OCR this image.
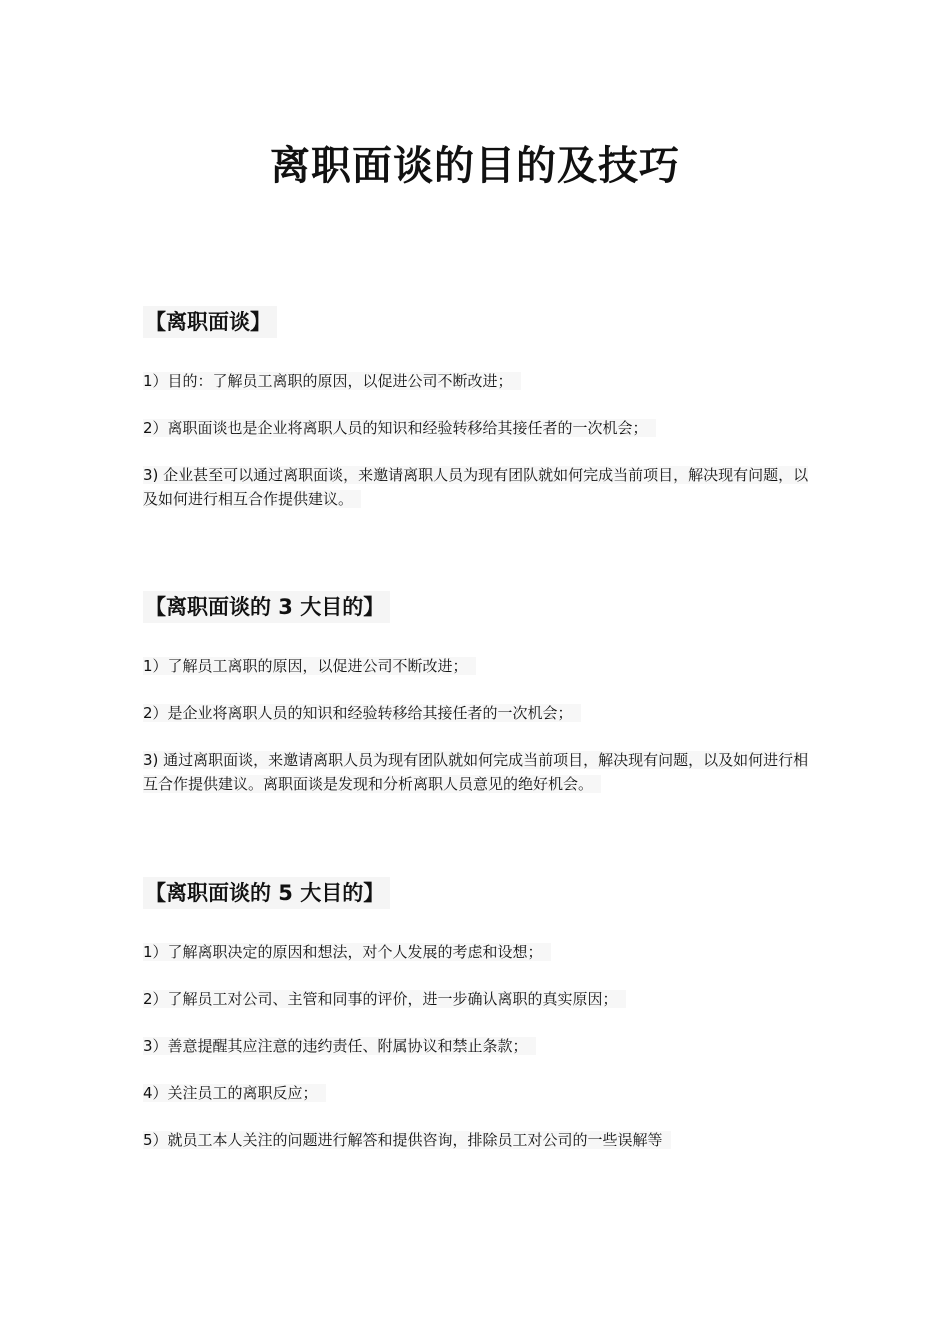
离职面谈的目的及技巧
【离职面谈】

1）目的：了解员工离职的原因，以促进公司不断改进；

2）离职面谈也是企业将离职人员的知识和经验转移给其接任者的一次机会；

3) 企业甚至可以通过离职面谈，来邀请离职人员为现有团队就如何完成当前项目，解决现有问题，以及如何进行相互合作提供建议。

【离职面谈的 3 大目的】

1）了解员工离职的原因，以促进公司不断改进；

2）是企业将离职人员的知识和经验转移给其接任者的一次机会；

3) 通过离职面谈，来邀请离职人员为现有团队就如何完成当前项目，解决现有问题，以及如何进行相互合作提供建议。离职面谈是发现和分析离职人员意见的绝好机会。

【离职面谈的 5 大目的】

1）了解离职决定的原因和想法，对个人发展的考虑和设想；

2）了解员工对公司、主管和同事的评价，进一步确认离职的真实原因；

3）善意提醒其应注意的违约责任、附属协议和禁止条款；

4）关注员工的离职反应；

5）就员工本人关注的问题进行解答和提供咨询，排除员工对公司的一些误解等
